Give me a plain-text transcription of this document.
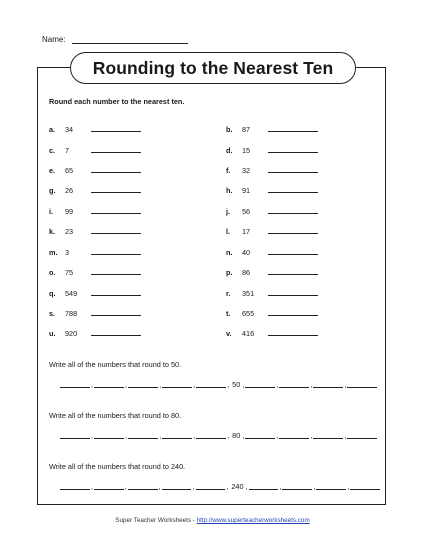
Name:
Rounding to the Nearest Ten
Round each number to the nearest ten.
a.	34
c.	7
e.	65
g.	26
i.	99
k.	23
m.	3
o.	75
q.	549
s.	788
u.	920
b.	87
d.	15
f.	32
h.	91
j.	56
l.	17
n.	40
p.	86
r.	351
t.	655
v.	416
Write all of the numbers that round to 50.
,	,	,	,	, 50 ,	,	,	,
Write all of the numbers that round to 80.
,	,	,	,	, 80 ,	,	,	,
Write all of the numbers that round to 240.
,	,	,	,	, 240 ,	,	,	,
Super Teacher Worksheets - http://www.superteacherworksheets.com
